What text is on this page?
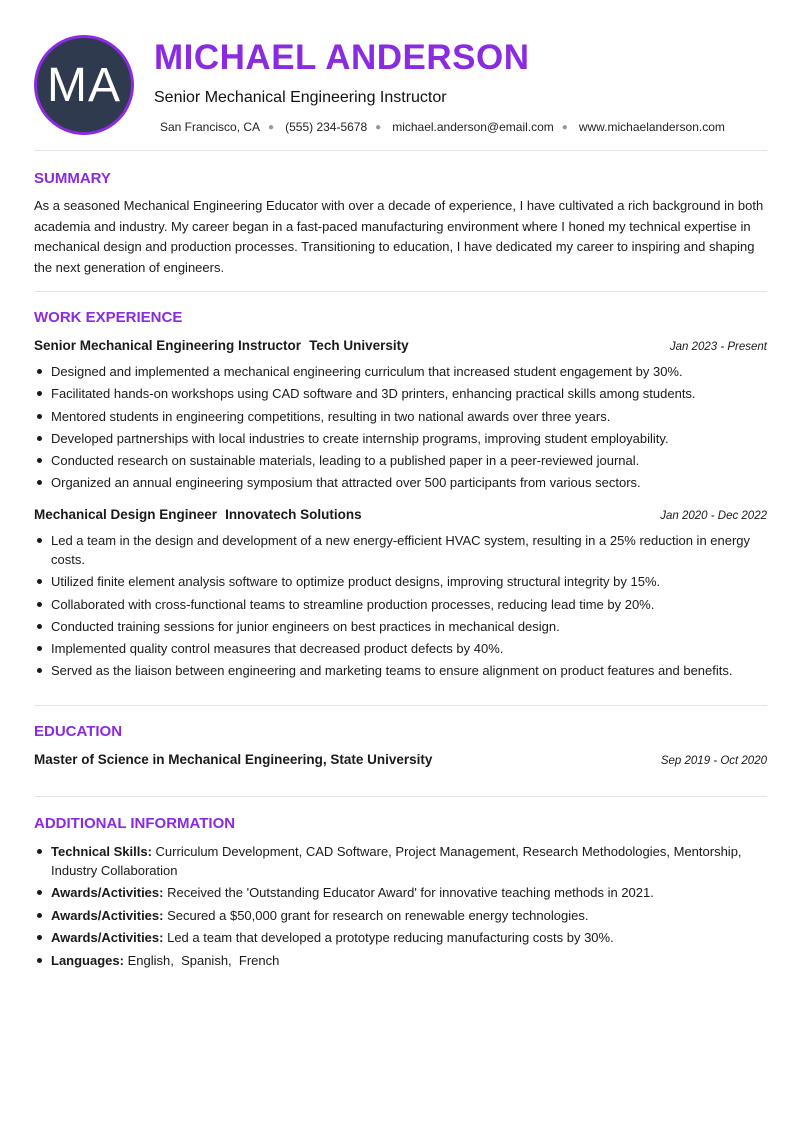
MA
MICHAEL ANDERSON
Senior Mechanical Engineering Instructor
San Francisco, CA ● (555) 234-5678 ● michael.anderson@email.com ● www.michaelanderson.com
SUMMARY
As a seasoned Mechanical Engineering Educator with over a decade of experience, I have cultivated a rich background in both academia and industry. My career began in a fast-paced manufacturing environment where I honed my technical expertise in mechanical design and production processes. Transitioning to education, I have dedicated my career to inspiring and shaping the next generation of engineers.
WORK EXPERIENCE
Senior Mechanical Engineering Instructor Tech University	Jan 2023 - Present
Designed and implemented a mechanical engineering curriculum that increased student engagement by 30%.
Facilitated hands-on workshops using CAD software and 3D printers, enhancing practical skills among students.
Mentored students in engineering competitions, resulting in two national awards over three years.
Developed partnerships with local industries to create internship programs, improving student employability.
Conducted research on sustainable materials, leading to a published paper in a peer-reviewed journal.
Organized an annual engineering symposium that attracted over 500 participants from various sectors.
Mechanical Design Engineer Innovatech Solutions	Jan 2020 - Dec 2022
Led a team in the design and development of a new energy-efficient HVAC system, resulting in a 25% reduction in energy costs.
Utilized finite element analysis software to optimize product designs, improving structural integrity by 15%.
Collaborated with cross-functional teams to streamline production processes, reducing lead time by 20%.
Conducted training sessions for junior engineers on best practices in mechanical design.
Implemented quality control measures that decreased product defects by 40%.
Served as the liaison between engineering and marketing teams to ensure alignment on product features and benefits.
EDUCATION
Master of Science in Mechanical Engineering, State University	Sep 2019 - Oct 2020
ADDITIONAL INFORMATION
Technical Skills: Curriculum Development, CAD Software, Project Management, Research Methodologies, Mentorship, Industry Collaboration
Awards/Activities: Received the 'Outstanding Educator Award' for innovative teaching methods in 2021.
Awards/Activities: Secured a $50,000 grant for research on renewable energy technologies.
Awards/Activities: Led a team that developed a prototype reducing manufacturing costs by 30%.
Languages: English,  Spanish,  French
